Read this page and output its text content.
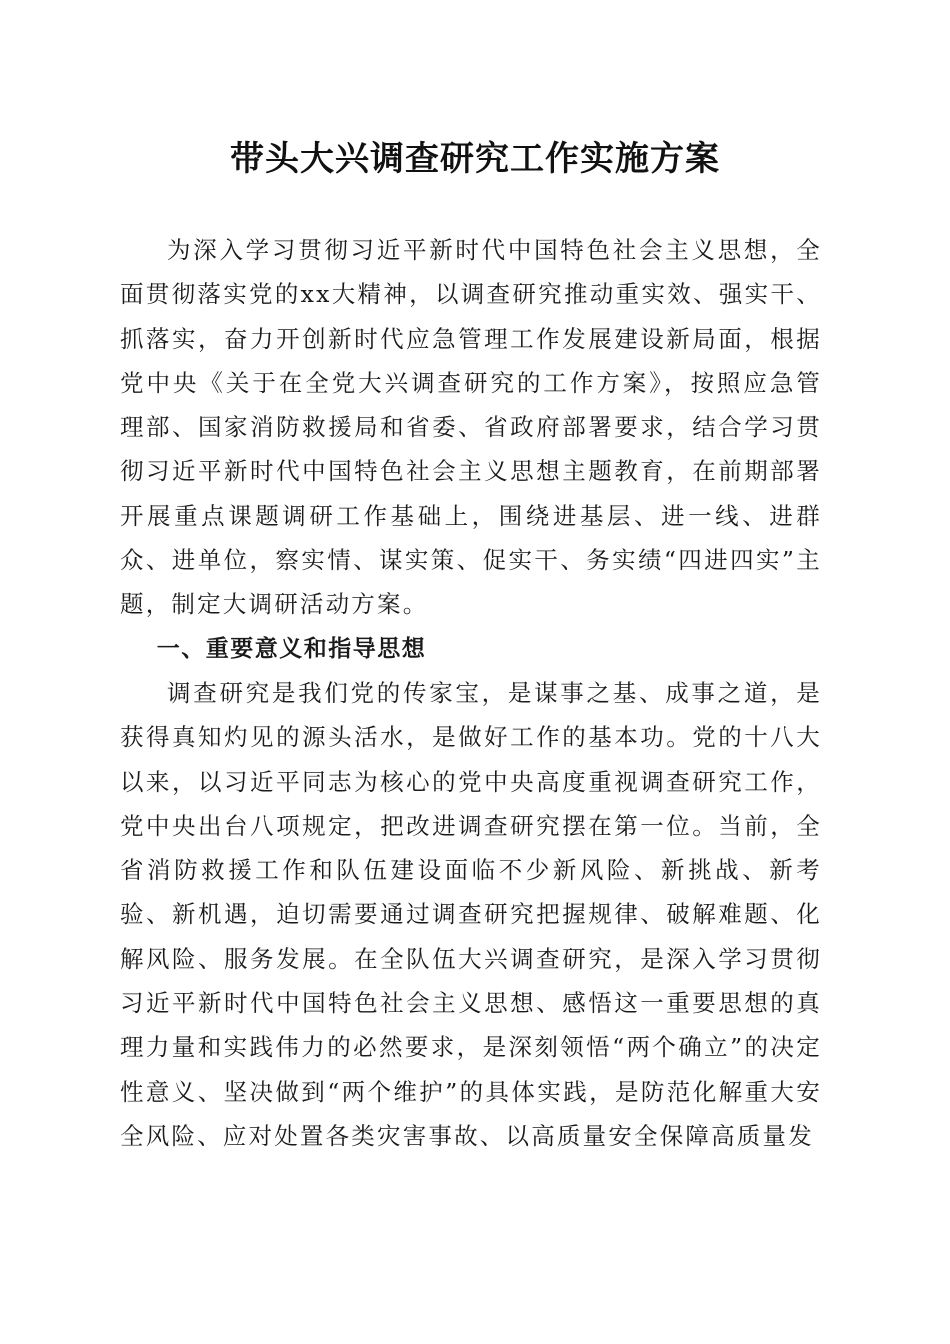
带头大兴调查研究工作实施方案

为深入学习贯彻习近平新时代中国特色社会主义思想，全面贯彻落实党的xx大精神，以调查研究推动重实效、强实干、抓落实，奋力开创新时代应急管理工作发展建设新局面，根据党中央《关于在全党大兴调查研究的工作方案》，按照应急管理部、国家消防救援局和省委、省政府部署要求，结合学习贯彻习近平新时代中国特色社会主义思想主题教育，在前期部署开展重点课题调研工作基础上，围绕进基层、进一线、进群众、进单位，察实情、谋实策、促实干、务实绩“四进四实”主题，制定大调研活动方案。

一、重要意义和指导思想

调查研究是我们党的传家宝，是谋事之基、成事之道，是获得真知灼见的源头活水，是做好工作的基本功。党的十八大以来，以习近平同志为核心的党中央高度重视调查研究工作，党中央出台八项规定，把改进调查研究摆在第一位。当前，全省消防救援工作和队伍建设面临不少新风险、新挑战、新考验、新机遇，迫切需要通过调查研究把握规律、破解难题、化解风险、服务发展。在全队伍大兴调查研究，是深入学习贯彻习近平新时代中国特色社会主义思想、感悟这一重要思想的真理力量和实践伟力的必然要求，是深刻领悟“两个确立”的决定性意义、坚决做到“两个维护”的具体实践，是防范化解重大安全风险、应对处置各类灾害事故、以高质量安全保障高质量发
